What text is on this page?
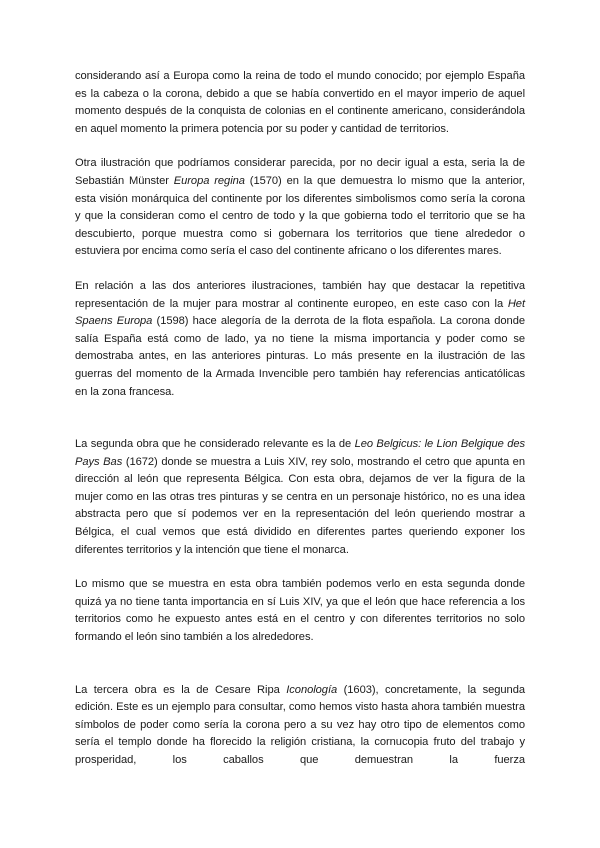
considerando así a Europa como la reina de todo el mundo conocido; por ejemplo España es la cabeza o la corona, debido a que se había convertido en el mayor imperio de aquel momento después de la conquista de colonias en el continente americano, considerándola en aquel momento la primera potencia por su poder y cantidad de territorios.

Otra ilustración que podríamos considerar parecida, por no decir igual a esta, seria la de Sebastián Münster Europa regina (1570) en la que demuestra lo mismo que la anterior, esta visión monárquica del continente por los diferentes simbolismos como sería la corona y que la consideran como el centro de todo y la que gobierna todo el territorio que se ha descubierto, porque muestra como si gobernara los territorios que tiene alrededor o estuviera por encima como sería el caso del continente africano o los diferentes mares.

En relación a las dos anteriores ilustraciones, también hay que destacar la repetitiva representación de la mujer para mostrar al continente europeo, en este caso con la Het Spaens Europa (1598) hace alegoría de la derrota de la flota española. La corona donde salía España está como de lado, ya no tiene la misma importancia y poder como se demostraba antes, en las anteriores pinturas. Lo más presente en la ilustración de las guerras del momento de la Armada Invencible pero también hay referencias anticatólicas en la zona francesa.

La segunda obra que he considerado relevante es la de Leo Belgicus: le Lion Belgique des Pays Bas (1672) donde se muestra a Luis XIV, rey solo, mostrando el cetro que apunta en dirección al león que representa Bélgica. Con esta obra, dejamos de ver la figura de la mujer como en las otras tres pinturas y se centra en un personaje histórico, no es una idea abstracta pero que sí podemos ver en la representación del león queriendo mostrar a Bélgica, el cual vemos que está dividido en diferentes partes queriendo exponer los diferentes territorios y la intención que tiene el monarca.

Lo mismo que se muestra en esta obra también podemos verlo en esta segunda donde quizá ya no tiene tanta importancia en sí Luis XIV, ya que el león que hace referencia a los territorios como he expuesto antes está en el centro y con diferentes territorios no solo formando el león sino también a los alrededores.

La tercera obra es la de Cesare Ripa Iconología (1603), concretamente, la segunda edición. Este es un ejemplo para consultar, como hemos visto hasta ahora también muestra símbolos de poder como sería la corona pero a su vez hay otro tipo de elementos como sería el templo donde ha florecido la religión cristiana, la cornucopia fruto del trabajo y prosperidad, los caballos que demuestran la fuerza
